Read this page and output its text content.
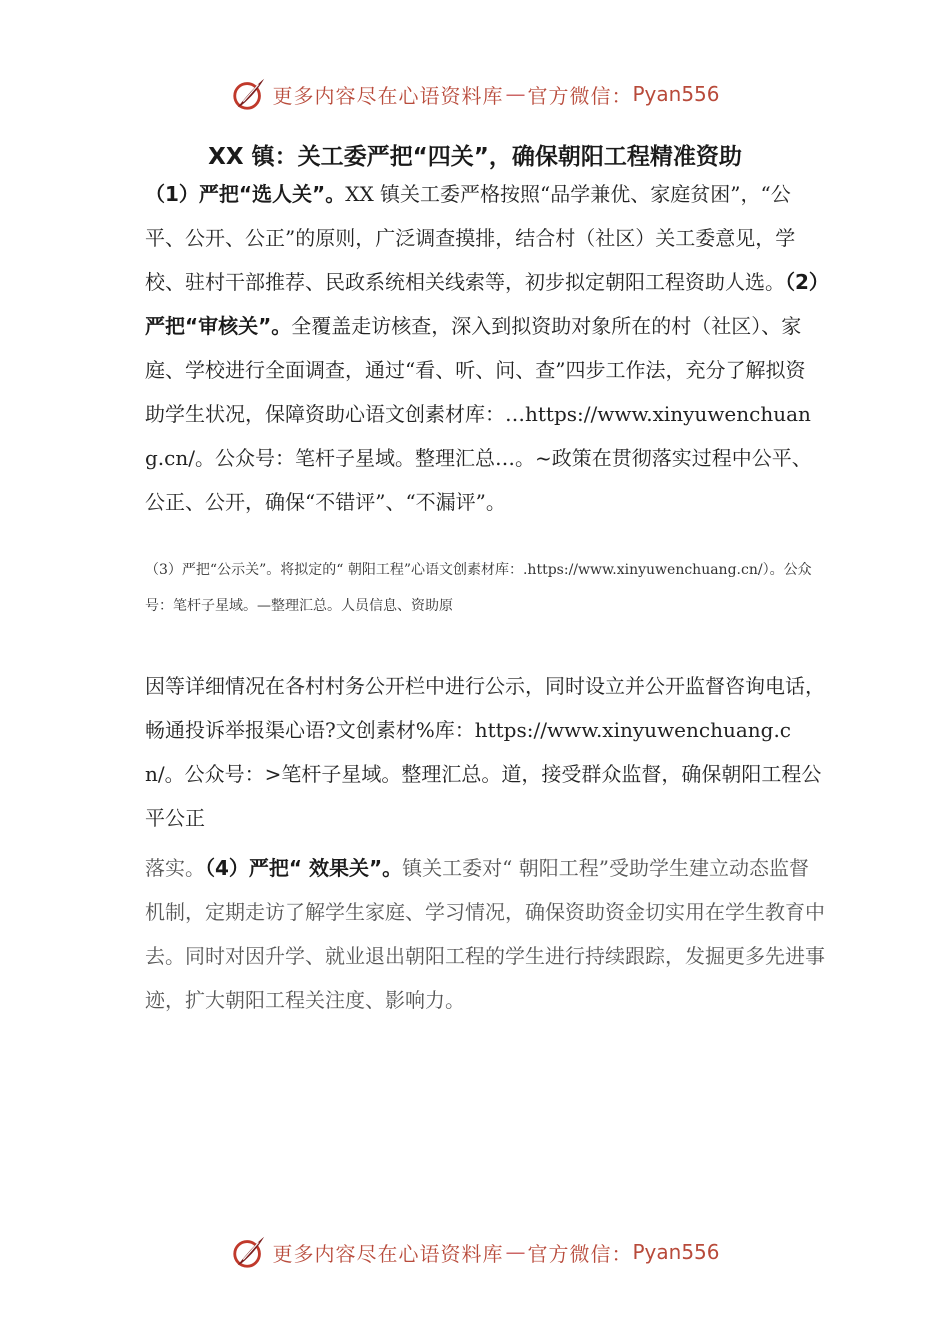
更多内容尽在心语资料库 — 官方微信： Pyan556
XX 镇：关工委严把“四关”，确保朝阳工程精准资助

（1）严把“选人关”。XX 镇关工委严格按照“品学兼优、家庭贫困”，“公平、公开、公正”的原则，广泛调查摸排，结合村（社区）关工委意见，学校、驻村干部推荐、民政系统相关线索等，初步拟定朝阳工程资助人选。（2）严把“审核关”。全覆盖走访核查，深入到拟资助对象所在的村（社区）、家庭、学校进行全面调查，通过“看、听、问、查”四步工作法，充分了解拟资助学生状况，保障资助心语文创素材库：…https://www.xinyuwenchuang.cn/。公众号：笔杆子星域。整理汇总…。~政策在贯彻落实过程中公平、公正、公开，确保“不错评”、“不漏评”。

（3）严把“公示关”。将拟定的“ 朝阳工程”心语文创素材库：.https://www.xinyuwenchuang.cn/）。公众号：笔杆子星域。—整理汇总。人员信息、资助原

因等详细情况在各村村务公开栏中进行公示，同时设立并公开监督咨询电话，畅通投诉举报渠心语?文创素材%库：https://www.xinyuwenchuang.cn/。公众号：>笔杆子星域。整理汇总。道，接受群众监督，确保朝阳工程公平公正

落实。（4）严把“ 效果关”。镇关工委对“ 朝阳工程”受助学生建立动态监督机制，定期走访了解学生家庭、学习情况，确保资助资金切实用在学生教育中去。同时对因升学、就业退出朝阳工程的学生进行持续跟踪，发掘更多先进事迹，扩大朝阳工程关注度、影响力。

更多内容尽在心语资料库 — 官方微信： Pyan556
